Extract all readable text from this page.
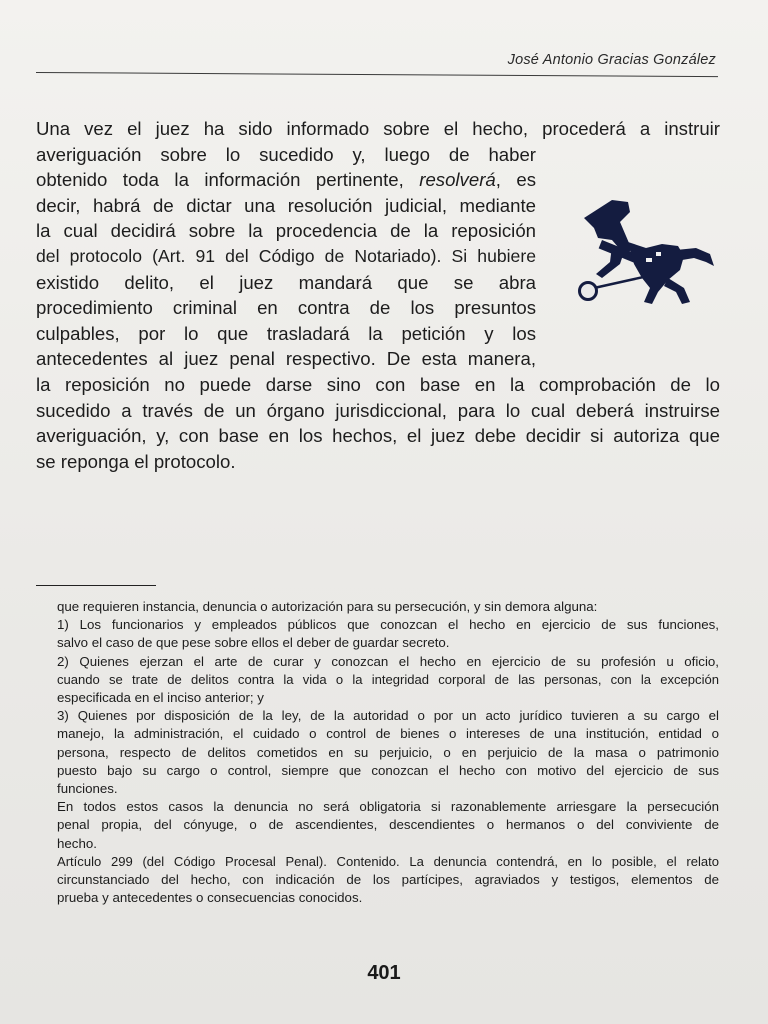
José Antonio Gracias González
Una vez el juez ha sido informado sobre el hecho, procederá a instruir
averiguación sobre lo sucedido y, luego de haber
obtenido toda la información pertinente, resolverá, es
decir, habrá de dictar una resolución judicial, mediante
la cual decidirá sobre la procedencia de la reposición
del protocolo (Art. 91 del Código de Notariado). Si hubiere
existido delito, el juez mandará que se abra
procedimiento criminal en contra de los presuntos
culpables, por lo que trasladará la petición y los
antecedentes al juez penal respectivo. De esta manera,
la reposición no puede darse sino con base en la comprobación de lo
sucedido a través de un órgano jurisdiccional, para lo cual deberá instruirse
averiguación, y, con base en los hechos, el juez debe decidir si autoriza que
se reponga el protocolo.
que requieren instancia, denuncia o autorización para su persecución, y sin demora alguna:
1) Los funcionarios y empleados públicos que conozcan el hecho en ejercicio de sus funciones,
salvo el caso de que pese sobre ellos el deber de guardar secreto.
2) Quienes ejerzan el arte de curar y conozcan el hecho en ejercicio de su profesión u oficio,
cuando se trate de delitos contra la vida o la integridad corporal de las personas, con la excepción
especificada en el inciso anterior; y
3) Quienes por disposición de la ley, de la autoridad o por un acto jurídico tuvieren a su cargo el
manejo, la administración, el cuidado o control de bienes o intereses de una institución, entidad o
persona, respecto de delitos cometidos en su perjuicio, o en perjuicio de la masa o patrimonio
puesto bajo su cargo o control, siempre que conozcan el hecho con motivo del ejercicio de sus
funciones.
En todos estos casos la denuncia no será obligatoria si razonablemente arriesgare la persecución
penal propia, del cónyuge, o de ascendientes, descendientes o hermanos o del conviviente de
hecho.
Artículo 299 (del Código Procesal Penal). Contenido. La denuncia contendrá, en lo posible, el relato
circunstanciado del hecho, con indicación de los partícipes, agraviados y testigos, elementos de
prueba y antecedentes o consecuencias conocidos.
401
